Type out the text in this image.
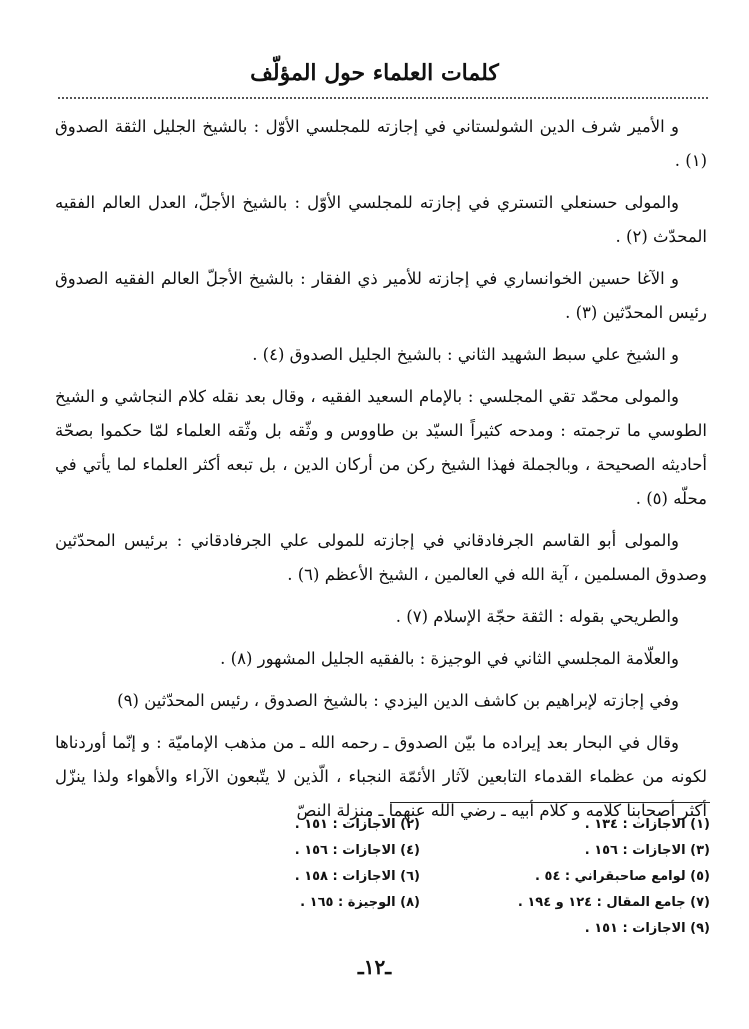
كلمات العلماء حول المؤلّف

و الأمير شرف الدين الشولستاني في إجازته للمجلسي الأوّل : بالشيخ الجليل الثقة الصدوق (١) .

والمولى حسنعلي التستري في إجازته للمجلسي الأوّل : بالشيخ الأجلّ، العدل العالم الفقيه المحدّث (٢) .

و الآغا حسين الخوانساري في إجازته للأمير ذي الفقار : بالشيخ الأجلّ العالم الفقيه الصدوق رئيس المحدّثين (٣) .

و الشيخ علي سبط الشهيد الثاني : بالشيخ الجليل الصدوق (٤) .

والمولى محمّد تقي المجلسي : بالإمام السعيد الفقيه ، وقال بعد نقله كلام النجاشي و الشيخ الطوسي ما ترجمته : ومدحه كثيراً السيّد بن طاووس و وثّقه بل وثّقه العلماء لمّا حكموا بصحّة أحاديثه الصحيحة ، وبالجملة فهذا الشيخ ركن من أركان الدين ، بل تبعه أكثر العلماء لما يأتي في محلّه (٥) .

والمولى أبو القاسم الجرفادقاني في إجازته للمولى علي الجرفادقاني : برئيس المحدّثين وصدوق المسلمين ، آية الله في العالمين ، الشيخ الأعظم (٦) .

والطريحي بقوله : الثقة حجّة الإسلام (٧) .

والعلّامة المجلسي الثاني في الوجيزة : بالفقيه الجليل المشهور (٨) .

وفي إجازته لإبراهيم بن كاشف الدين اليزدي : بالشيخ الصدوق ، رئيس المحدّثين (٩)

وقال في البحار بعد إيراده ما بيّن الصدوق ـ رحمه الله ـ من مذهب الإماميّة : و إنّما أوردناها لكونه من عظماء القدماء التابعين لآثار الأئمّة النجباء ، الّذين لا يتّبعون الآراء والأهواء ولذا ينزّل أكثر أصحابنا كلامه و كلام أبيه ـ رضي الله عنهما ـ منزلة النصّ

(١) الاجازات : ١٣٤ .
(٢) الاجازات : ١٥١ .
(٣) الاجازات : ١٥٦ .
(٤) الاجازات : ١٥٦ .
(٥) لوامع صاحبقراني : ٥٤ .
(٦) الاجازات : ١٥٨ .
(٧) جامع المقال : ١٢٤ و ١٩٤ .
(٨) الوجيزة : ١٦٥ .
(٩) الاجازات : ١٥١ .
ـ١٢ـ
